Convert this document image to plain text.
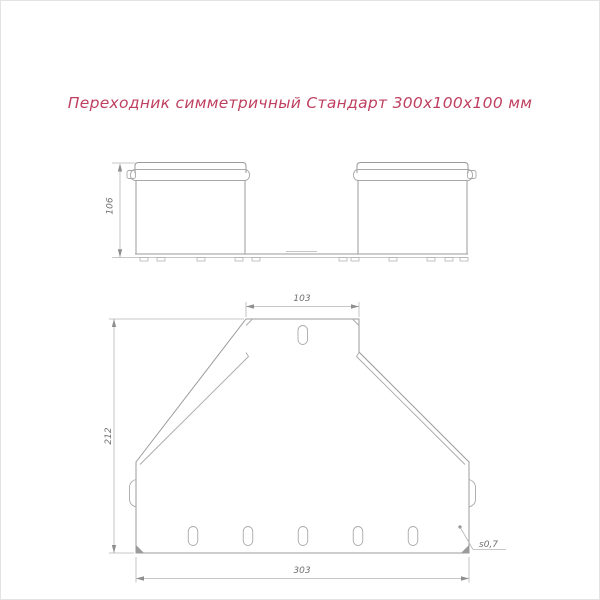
Переходник симметричный Стандарт 300х100х100 мм
106
103
212
303
s0,7
